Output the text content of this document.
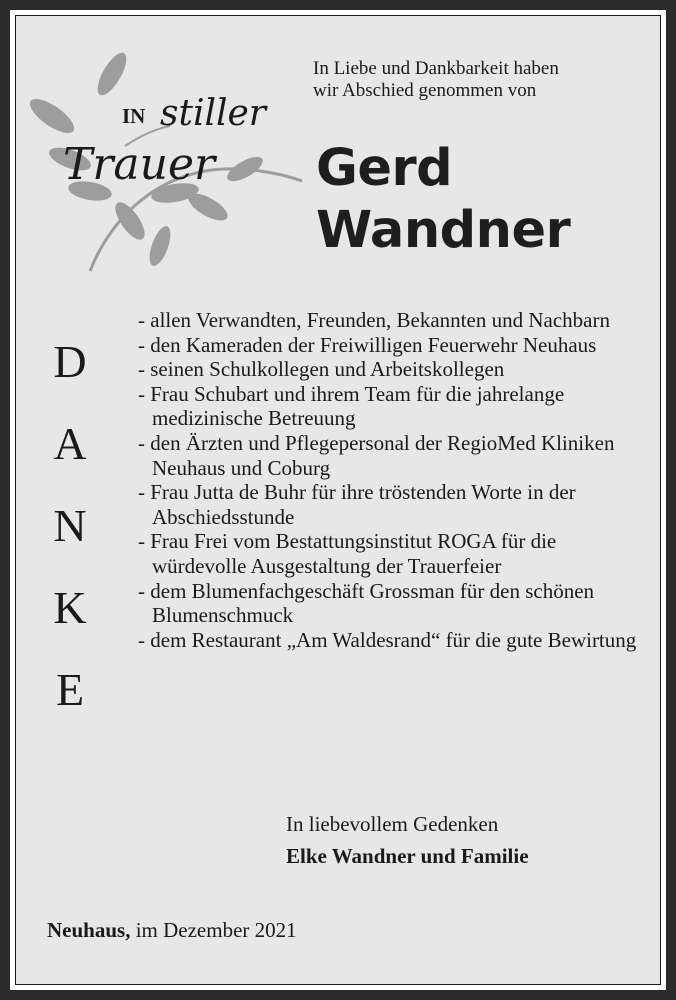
IN stiller
Trauer
In Liebe und Dankbarkeit haben
wir Abschied genommen von
Gerd
Wandner
D
A
N
K
E
- allen Verwandten, Freunden, Bekannten und Nachbarn
- den Kameraden der Freiwilligen Feuerwehr Neuhaus
- seinen Schulkollegen und Arbeitskollegen
- Frau Schubart und ihrem Team für die jahrelange medizinische Betreuung
- den Ärzten und Pflegepersonal der RegioMed Kliniken Neuhaus und Coburg
- Frau Jutta de Buhr für ihre tröstenden Worte in der Abschiedsstunde
- Frau Frei vom Bestattungsinstitut ROGA für die würdevolle Ausgestaltung der Trauerfeier
- dem Blumenfachgeschäft Grossman für den schönen Blumenschmuck
- dem Restaurant „Am Waldesrand“ für die gute Bewirtung
In liebevollem Gedenken
Elke Wandner und Familie
Neuhaus, im Dezember 2021
